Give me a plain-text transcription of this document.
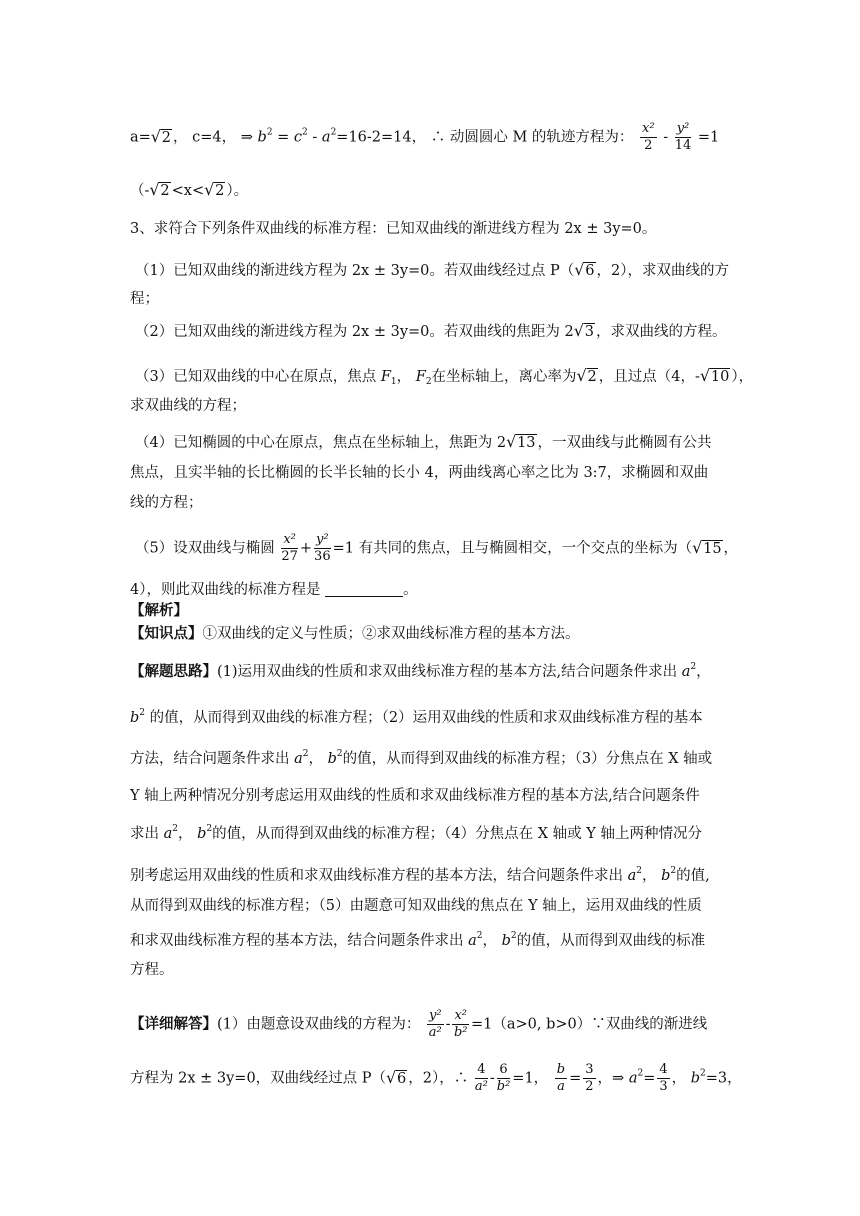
a= √ 2 ， c=4， ⇒ $b^2 = c^2 - a^2=16-2=14$， ∴ 动圆圆心 M 的轨迹方程为： $\frac{\text{x²}}{2} - \frac{\text{y²}}{14} =1$
（- √ 2 <x< √ 2 ）。
3、求符合下列条件双曲线的标准方程：已知双曲线的渐进线方程为 2x ± 3y=0。
（1）已知双曲线的渐进线方程为 2x ± 3y=0。若双曲线经过点 P（ √ 6 ，2），求双曲线的方
程；
（2）已知双曲线的渐进线方程为 2x ± 3y=0。若双曲线的焦距为 2 √ 3 ，求双曲线的方程。
（3）已知双曲线的中心在原点，焦点 $F_1$， $F_2$在坐标轴上，离心率为 √ 2 ，且过点（4，- √ 10 ），
求双曲线的方程；
（4）已知椭圆的中心在原点，焦点在坐标轴上，焦距为 2 √ 13 ，一双曲线与此椭圆有公共
焦点，且实半轴的长比椭圆的长半长轴的长小 4，两曲线离心率之比为 3:7，求椭圆和双曲
线的方程；
（5）设双曲线与椭圆 $\frac{\text{x²}}{27} + \frac{\text{y²}}{36} =1$ 有共同的焦点，且与椭圆相交，一个交点的坐标为（ √ 15 ，
4），则此双曲线的标准方程是	。
【解析】
【知识点】①双曲线的定义与性质；②求双曲线标准方程的基本方法。
【解题思路】(1)运用双曲线的性质和求双曲线标准方程的基本方法,结合问题条件求出 $a^2$，
$b^2$ 的值，从而得到双曲线的标准方程；（2）运用双曲线的性质和求双曲线标准方程的基本
方法，结合问题条件求出 $a^2$， $b^2$的值，从而得到双曲线的标准方程；（3）分焦点在 X 轴或
Y 轴上两种情况分别考虑运用双曲线的性质和求双曲线标准方程的基本方法,结合问题条件
求出 $a^2$， $b^2$的值，从而得到双曲线的标准方程；（4）分焦点在 X 轴或 Y 轴上两种情况分
别考虑运用双曲线的性质和求双曲线标准方程的基本方法，结合问题条件求出 $a^2$， $b^2$的值,
从而得到双曲线的标准方程；（5）由题意可知双曲线的焦点在 Y 轴上，运用双曲线的性质
和求双曲线标准方程的基本方法，结合问题条件求出 $a^2$， $b^2$的值，从而得到双曲线的标准
方程。
【详细解答】(1）由题意设双曲线的方程为： $\frac{\text{y²}}{\text{a²}} - \frac{\text{x²}}{\text{b²}} =1(a>0$, b>0）∵双曲线的渐进线
方程为 2x ± 3y=0，双曲线经过点 P（ √ 6 ，2），∴ $\frac{4}{\text{a²}} - \frac{6}{\text{b²}} =1$， $\frac{b}{a} = \frac{3}{2}$ ，⇒ $a^2= \frac{4}{3}$ ， $b^2=3$，
